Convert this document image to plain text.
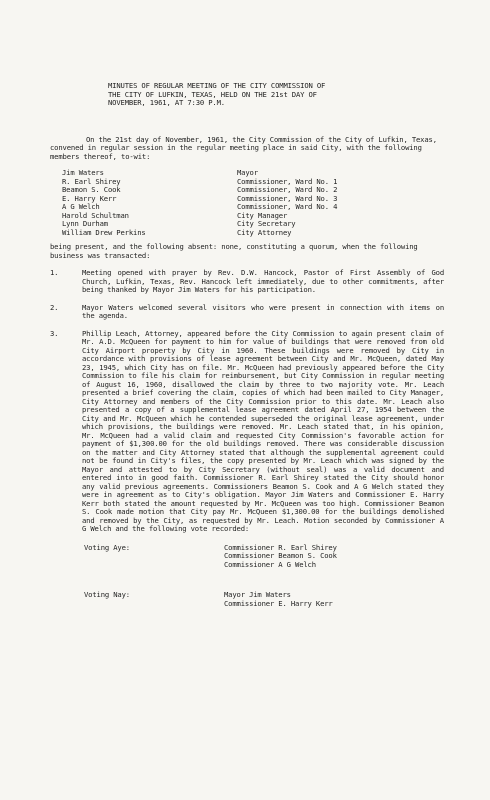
MINUTES OF REGULAR MEETING OF THE CITY COMMISSION OF
THE CITY OF LUFKIN, TEXAS, HELD ON THE 21st DAY OF
NOVEMBER, 1961, AT 7:30 P.M.
On the 21st day of November, 1961, the City Commission of the City of Lufkin, Texas, convened in regular session in the regular meeting place in said City, with the following members thereof, to-wit:
Jim Waters	Mayor
R. Earl Shirey	Commissioner, Ward No. 1
Beamon S. Cook	Commissioner, Ward No. 2
E. Harry Kerr	Commissioner, Ward No. 3
A G Welch	Commissioner, Ward No. 4
Harold Schultman	City Manager
Lynn Durham	City Secretary
William Drew Perkins	City Attorney
being present, and the following absent: none, constituting a quorum, when the following business was transacted:
1.	Meeting opened with prayer by Rev. D.W. Hancock, Pastor of First Assembly of God Church, Lufkin, Texas, Rev. Hancock left immediately, due to other commitments, after being thanked by Mayor Jim Waters for his participation.
2.	Mayor Waters welcomed several visitors who were present in connection with items on the agenda.
3.	Phillip Leach, Attorney, appeared before the City Commission to again present claim of Mr. A.D. McQueen for payment to him for value of buildings that were removed from old City Airport property by City in 1960. These buildings were removed by City in accordance with provisions of lease agreement between City and Mr. McQueen, dated May 23, 1945, which City has on file. Mr. McQueen had previously appeared before the City Commission to file his claim for reimbursement, but City Commission in regular meeting of August 16, 1960, disallowed the claim by three to two majority vote. Mr. Leach presented a brief covering the claim, copies of which had been mailed to City Manager, City Attorney and members of the City Commission prior to this date. Mr. Leach also presented a copy of a supplemental lease agreement dated April 27, 1954 between the City and Mr. McQueen which he contended superseded the original lease agreement, under which provisions, the buildings were removed. Mr. Leach stated that, in his opinion, Mr. McQueen had a valid claim and requested City Commission's favorable action for payment of $1,300.00 for the old buildings removed. There was considerable discussion on the matter and City Attorney stated that although the supplemental agreement could not be found in City's files, the copy presented by Mr. Leach which was signed by the Mayor and attested to by City Secretary (without seal) was a valid document and entered into in good faith. Commissioner R. Earl Shirey stated the City should honor any valid previous agreements. Commissioners Beamon S. Cook and A G Welch stated they were in agreement as to City's obligation. Mayor Jim Waters and Commissioner E. Harry Kerr both stated the amount requested by Mr. McQueen was too high. Commissioner Beamon S. Cook made motion that City pay Mr. McQueen $1,300.00 for the buildings demolished and removed by the City, as requested by Mr. Leach. Motion seconded by Commissioner A G Welch and the following vote recorded:
Voting Aye:	Commissioner R. Earl Shirey
Commissioner Beamon S. Cook
Commissioner A G Welch
Voting Nay:	Mayor Jim Waters
Commissioner E. Harry Kerr
